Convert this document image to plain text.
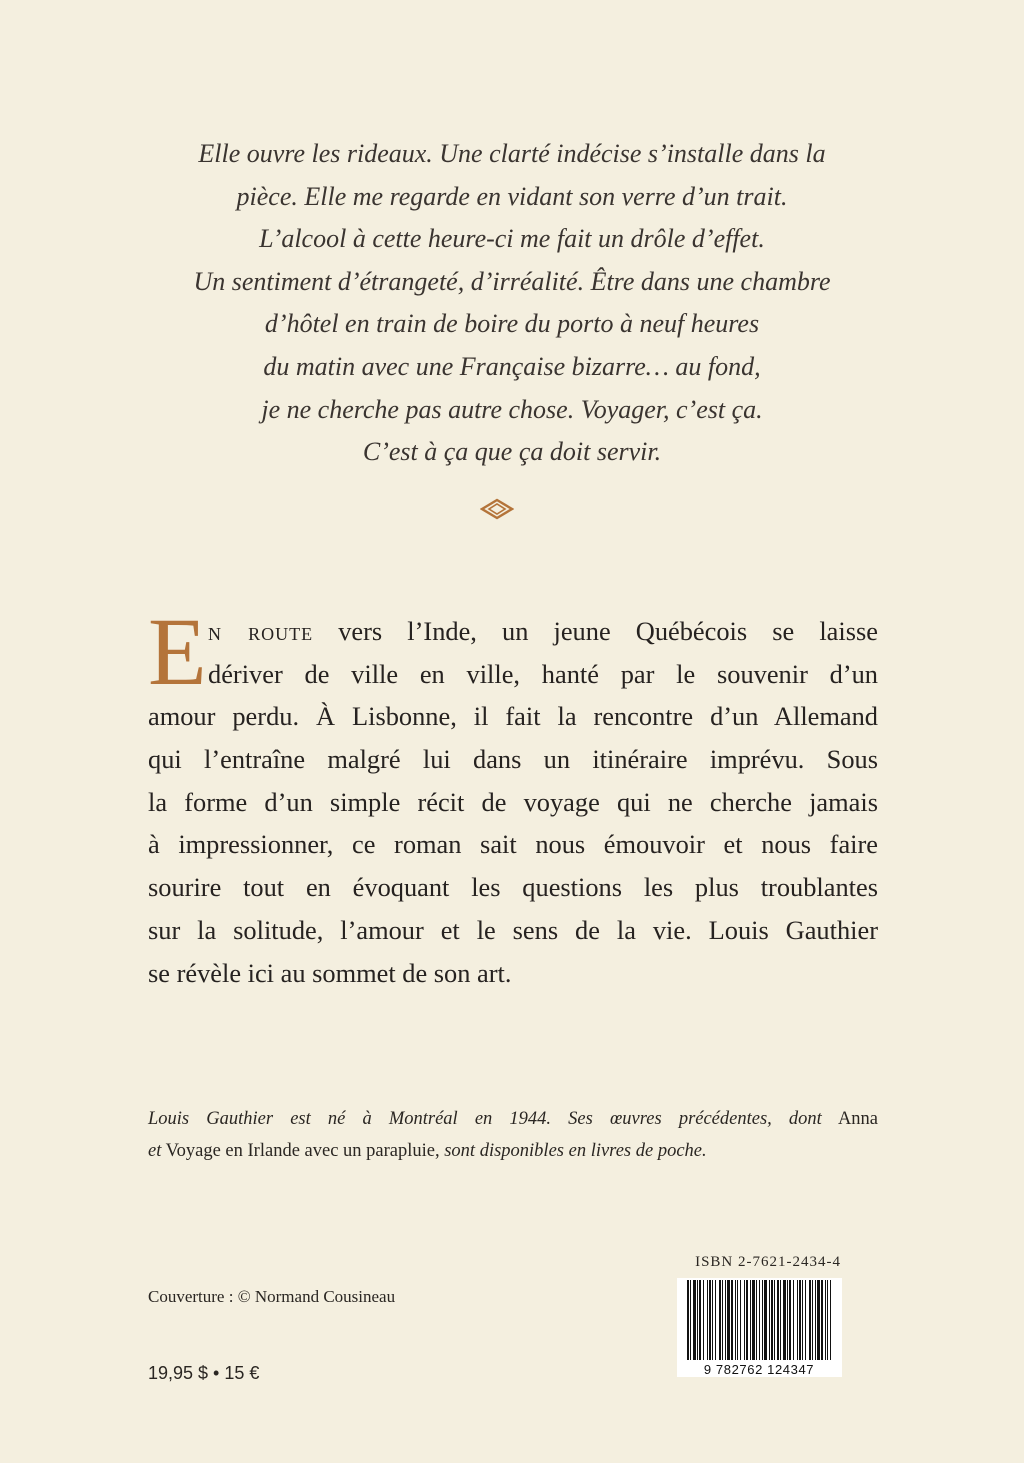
Elle ouvre les rideaux. Une clarté indécise s’installe dans la
pièce. Elle me regarde en vidant son verre d’un trait.
L’alcool à cette heure-ci me fait un drôle d’effet.
Un sentiment d’étrangeté, d’irréalité. Être dans une chambre
d’hôtel en train de boire du porto à neuf heures
du matin avec une Française bizarre… au fond,
je ne cherche pas autre chose. Voyager, c’est ça.
C’est à ça que ça doit servir.
E n route vers l’Inde, un jeune Québécois se laisse
dériver de ville en ville, hanté par le souvenir d’un
amour perdu. À Lisbonne, il fait la rencontre d’un Allemand
qui l’entraîne malgré lui dans un itinéraire imprévu. Sous
la forme d’un simple récit de voyage qui ne cherche jamais
à impressionner, ce roman sait nous émouvoir et nous faire
sourire tout en évoquant les questions les plus troublantes
sur la solitude, l’amour et le sens de la vie. Louis Gauthier
se révèle ici au sommet de son art.
Louis Gauthier est né à Montréal en 1944. Ses œuvres précédentes, dont Anna
et Voyage en Irlande avec un parapluie, sont disponibles en livres de poche.
Couverture : © Normand Cousineau
19,95 $ • 15 €
ISBN 2-7621-2434-4
9 782762 124347
